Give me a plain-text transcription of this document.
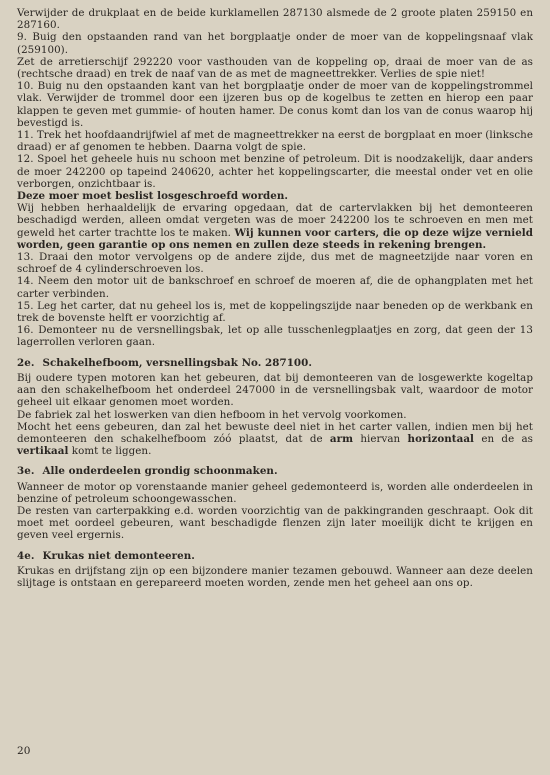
Verwijder de drukplaat en de beide kurklamellen 287130 alsmede de 2 groote platen 259150 en 287160.

9. Buig den opstaanden rand van het borgplaatje onder de moer van de koppelingsnaaf vlak (259100).

Zet de arretierschijf 292220 voor vasthouden van de koppeling op, draai de moer van de as (rechtsche draad) en trek de naaf van de as met de magneettrekker. Verlies de spie niet!

10. Buig nu den opstaanden kant van het borgplaatje onder de moer van de koppelingstrommel vlak. Verwijder de trommel door een ijzeren bus op de kogelbus te zetten en hierop een paar klappen te geven met gummie- of houten hamer. De conus komt dan los van de conus waarop hij bevestigd is.

11. Trek het hoofdaandrijfwiel af met de magneettrekker na eerst de borgplaat en moer (linksche draad) er af genomen te hebben. Daarna volgt de spie.

12. Spoel het geheele huis nu schoon met benzine of petroleum. Dit is noodzakelijk, daar anders de moer 242200 op tapeind 240620, achter het koppelingscarter, die meestal onder vet en olie verborgen, onzichtbaar is.

Deze moer moet beslist losgeschroefd worden.

Wij hebben herhaaldelijk de ervaring opgedaan, dat de cartervlakken bij het demonteeren beschadigd werden, alleen omdat vergeten was de moer 242200 los te schroeven en men met geweld het carter trachtte los te maken. Wij kunnen voor carters, die op deze wijze vernield worden, geen garantie op ons nemen en zullen deze steeds in rekening brengen.

13. Draai den motor vervolgens op de andere zijde, dus met de magneetzijde naar voren en schroef de 4 cylinderschroeven los.

14. Neem den motor uit de bankschroef en schroef de moeren af, die de ophangplaten met het carter verbinden.

15. Leg het carter, dat nu geheel los is, met de koppelingszijde naar beneden op de werkbank en trek de bovenste helft er voorzichtig af.

16. Demonteer nu de versnellingsbak, let op alle tusschenlegplaatjes en zorg, dat geen der 13 lagerrollen verloren gaan.

2e. Schakelhefboom, versnellingsbak No. 287100.

Bij oudere typen motoren kan het gebeuren, dat bij demonteeren van de losgewerkte kogeltap aan den schakelhefboom het onderdeel 247000 in de versnellingsbak valt, waardoor de motor geheel uit elkaar genomen moet worden.

De fabriek zal het loswerken van dien hefboom in het vervolg voorkomen.

Mocht het eens gebeuren, dan zal het bewuste deel niet in het carter vallen, indien men bij het demonteeren den schakelhefboom zóó plaatst, dat de arm hiervan horizontaal en de as vertikaal komt te liggen.

3e. Alle onderdeelen grondig schoonmaken.

Wanneer de motor op vorenstaande manier geheel gedemonteerd is, worden alle onderdeelen in benzine of petroleum schoongewasschen.

De resten van carterpakking e.d. worden voorzichtig van de pakkingranden geschraapt. Ook dit moet met oordeel gebeuren, want beschadigde flenzen zijn later moeilijk dicht te krijgen en geven veel ergernis.

4e. Krukas niet demonteeren.

Krukas en drijfstang zijn op een bijzondere manier tezamen gebouwd. Wanneer aan deze deelen slijtage is ontstaan en gerepareerd moeten worden, zende men het geheel aan ons op.

20
